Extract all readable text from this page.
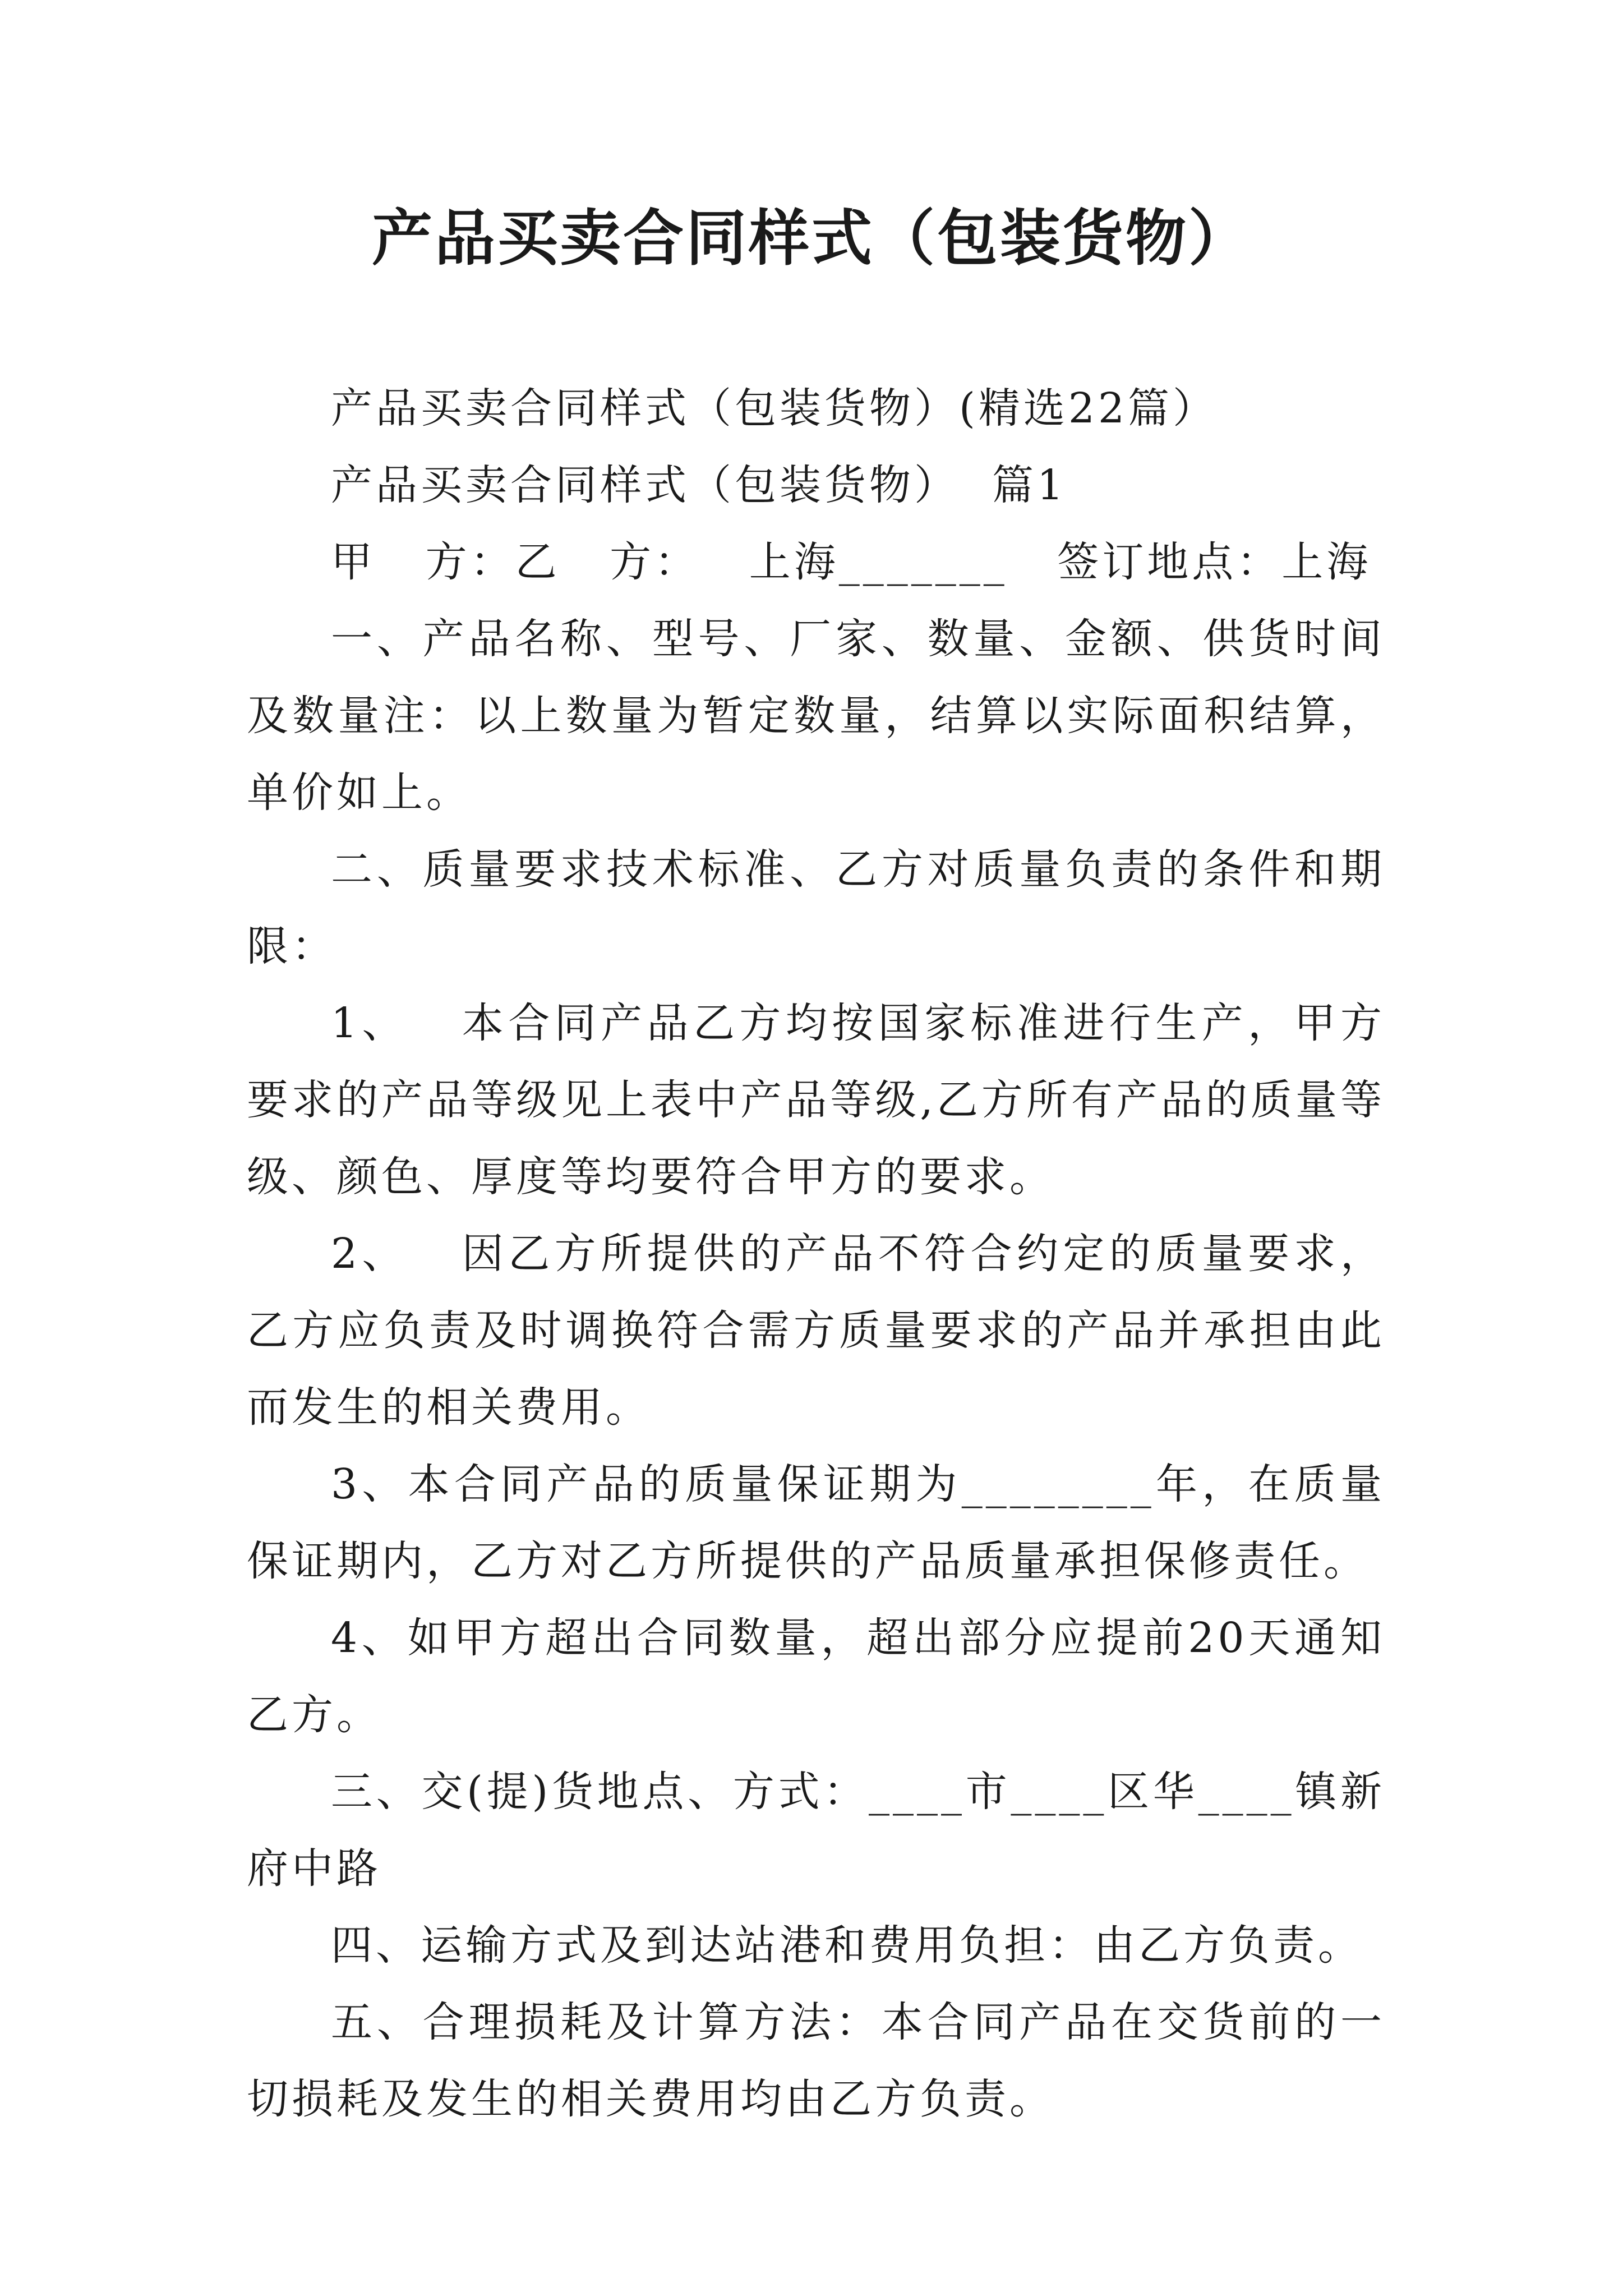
产品买卖合同样式（包装货物）

产品买卖合同样式（包装货物）(精选22篇）

产品买卖合同样式（包装货物）  篇1

甲   方：乙   方：   上海_______   签订地点：上海

一、产品名称、型号、厂家、数量、金额、供货时间及数量注：以上数量为暂定数量，结算以实际面积结算，单价如上。

二、质量要求技术标准、乙方对质量负责的条件和期限：

1、   本合同产品乙方均按国家标准进行生产，甲方要求的产品等级见上表中产品等级,乙方所有产品的质量等级、颜色、厚度等均要符合甲方的要求。

2、   因乙方所提供的产品不符合约定的质量要求，乙方应负责及时调换符合需方质量要求的产品并承担由此而发生的相关费用。

3、本合同产品的质量保证期为________年，在质量保证期内，乙方对乙方所提供的产品质量承担保修责任。

4、如甲方超出合同数量，超出部分应提前20天通知乙方。

三、交(提)货地点、方式：____市____区华____镇新府中路

四、运输方式及到达站港和费用负担：由乙方负责。

五、合理损耗及计算方法：本合同产品在交货前的一切损耗及发生的相关费用均由乙方负责。
